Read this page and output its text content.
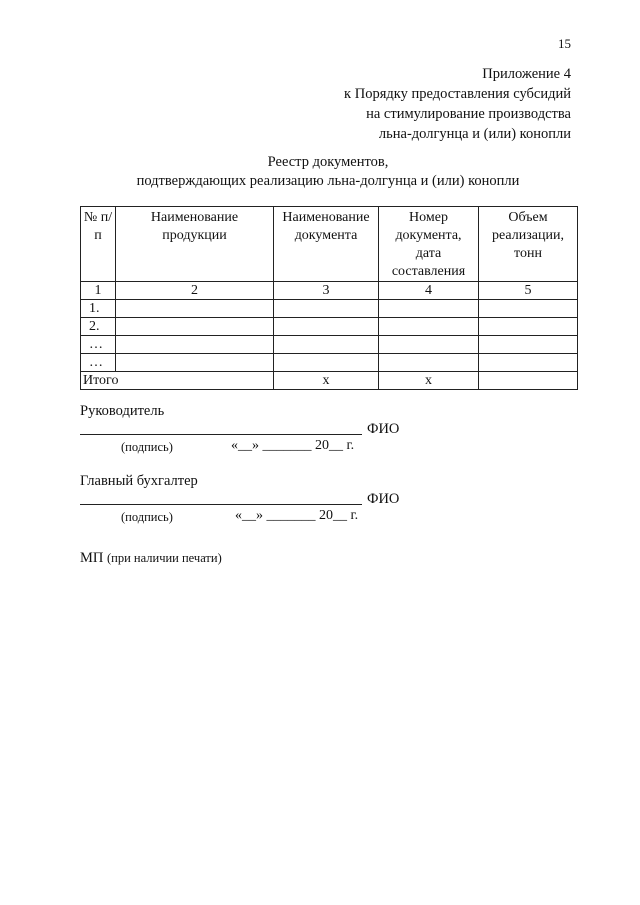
15
Приложение 4
к Порядку предоставления субсидий
на стимулирование производства
льна-долгунца и (или) конопли
Реестр документов,
подтверждающих реализацию льна-долгунца и (или) конопли
№ п/п	Наименование продукции	Наименование документа	Номер документа, дата составления	Объем реализации, тонн
1	2	3	4	5
1.				
2.				
…				
…				
Итого		x	x	
Руководитель
ФИО
(подпись)	«__» _______ 20__ г.
Главный бухгалтер
ФИО
(подпись)	«__» _______ 20__ г.
МП (при наличии печати)
